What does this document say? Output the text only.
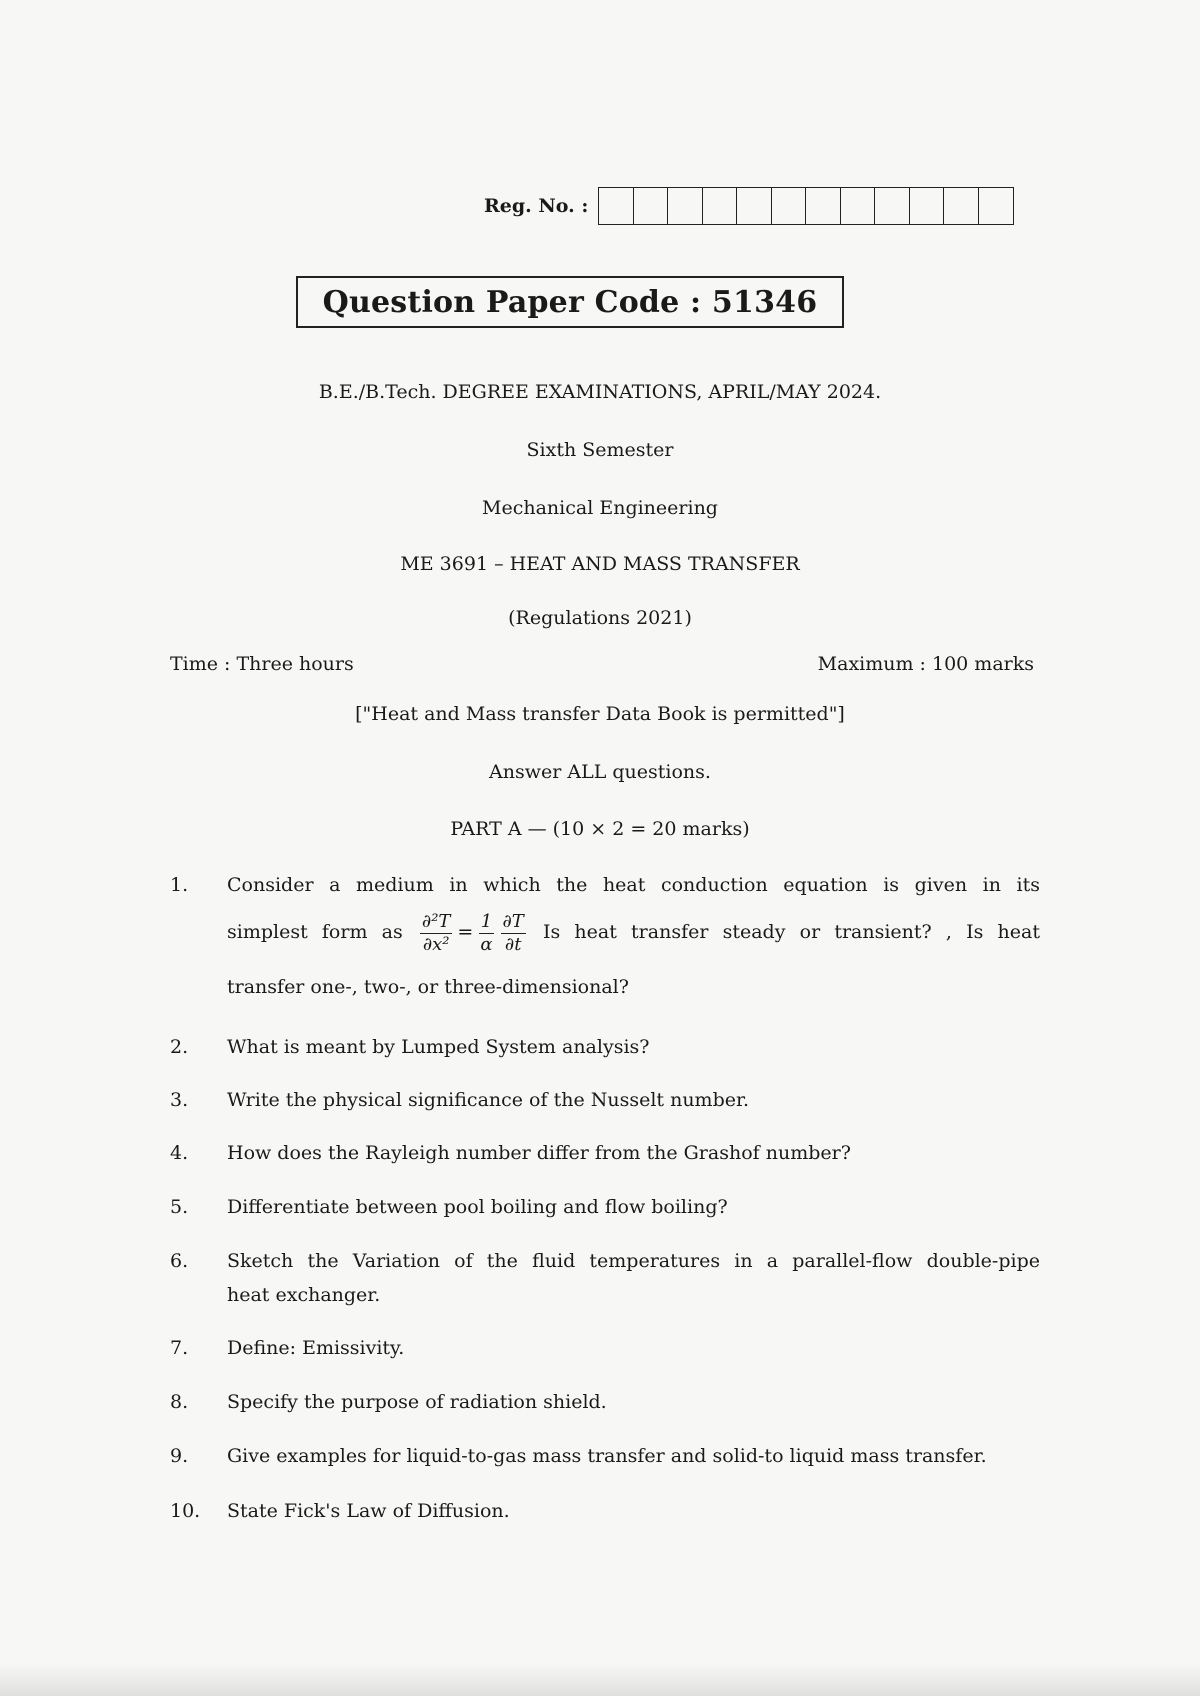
Reg. No. :
Question Paper Code : 51346
B.E./B.Tech. DEGREE EXAMINATIONS, APRIL/MAY 2024.
Sixth Semester
Mechanical Engineering
ME 3691 – HEAT AND MASS TRANSFER
(Regulations 2021)
Time : Three hours	Maximum : 100 marks
["Heat and Mass transfer Data Book is permitted"]
Answer ALL questions.
PART A — (10 × 2 = 20 marks)
1.	Consider a medium in which the heat conduction equation is given in its
simplest form as $\frac{\text{∂²T}}{\text{∂x²}} = \frac{1}{\alpha} \frac{\partial T}{\partial t}$ Is heat transfer steady or transient? , Is heat
transfer one-, two-, or three-dimensional?
2.	What is meant by Lumped System analysis?
3.	Write the physical significance of the Nusselt number.
4.	How does the Rayleigh number differ from the Grashof number?
5.	Differentiate between pool boiling and flow boiling?
6.	Sketch the Variation of the fluid temperatures in a parallel-flow double-pipe
heat exchanger.
7.	Define: Emissivity.
8.	Specify the purpose of radiation shield.
9.	Give examples for liquid-to-gas mass transfer and solid-to liquid mass transfer.
10.	State Fick's Law of Diffusion.
